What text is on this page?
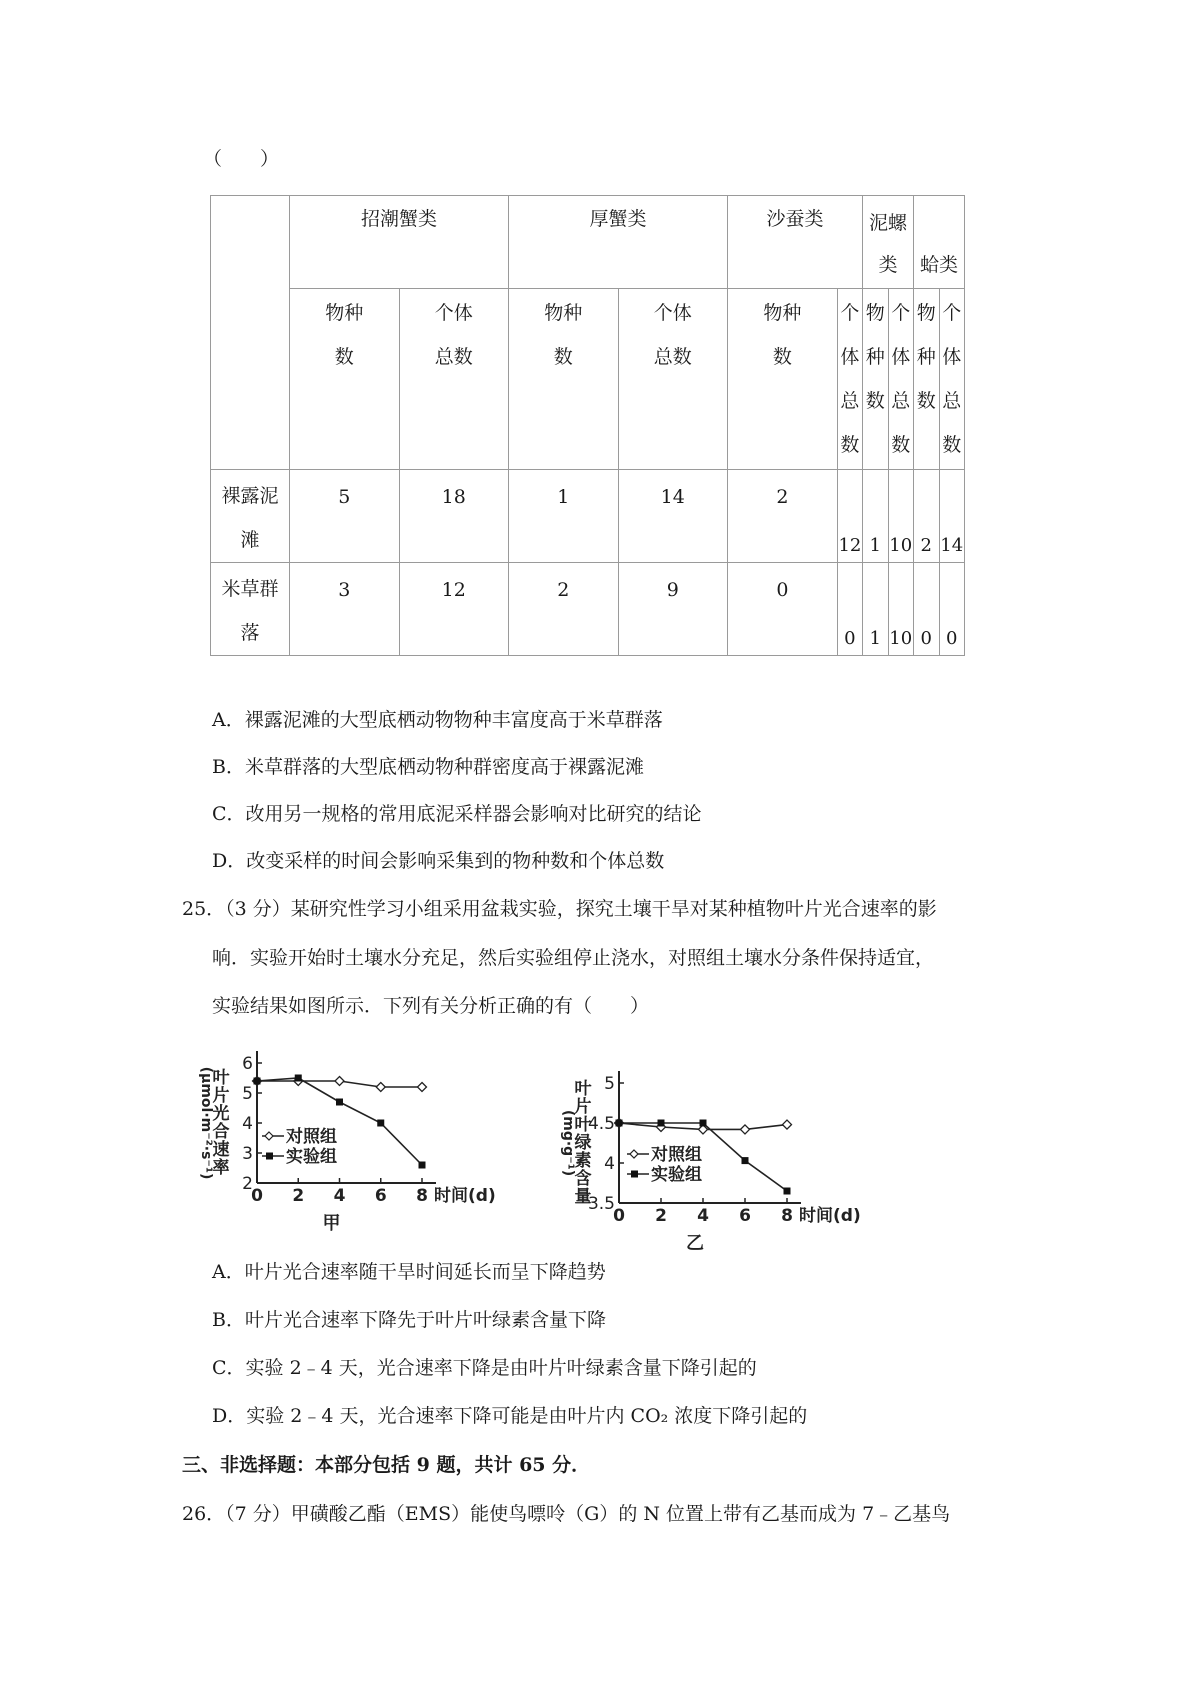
（　　）
	招潮蟹类		厚蟹类		沙蚕类		泥螺类		蛤类	

	物种数	个体总数	物种数	个体总数	物种数	个体总数	物种数	个体总数	物种数	个体总数

裸露泥滩	5	18	1	14	2	12	1	10	2	14

米草群落	3	12	2	9	0	0	1	10	0	0
A．裸露泥滩的大型底栖动物物种丰富度高于米草群落
B．米草群落的大型底栖动物种群密度高于裸露泥滩
C．改用另一规格的常用底泥采样器会影响对比研究的结论
D．改变采样的时间会影响采集到的物种数和个体总数
25．（3 分）某研究性学习小组采用盆栽实验，探究土壤干旱对某种植物叶片光合速率的影
响．实验开始时土壤水分充足，然后实验组停止浇水，对照组土壤水分条件保持适宜，
实验结果如图所示．下列有关分析正确的有（　　）
2
3
4
5
6
0 2 4 6 8 时间(d)
叶
片
光
合
速
率
(μmol·m⁻²·s⁻¹)	对照组
实验组
甲
3.5
4
4.5
5
0 2 4 6 8 时间(d)
叶
片
叶
绿
素
含
量
(mg·g⁻¹)	对照组
实验组
乙
A．叶片光合速率随干旱时间延长而呈下降趋势
B．叶片光合速率下降先于叶片叶绿素含量下降
C．实验 2﹣4 天，光合速率下降是由叶片叶绿素含量下降引起的
D．实验 2﹣4 天，光合速率下降可能是由叶片内 CO₂ 浓度下降引起的
三、非选择题：本部分包括 9 题，共计 65 分．
26．（7 分）甲磺酸乙酯（EMS）能使鸟嘌呤（G）的 N 位置上带有乙基而成为 7﹣乙基鸟
